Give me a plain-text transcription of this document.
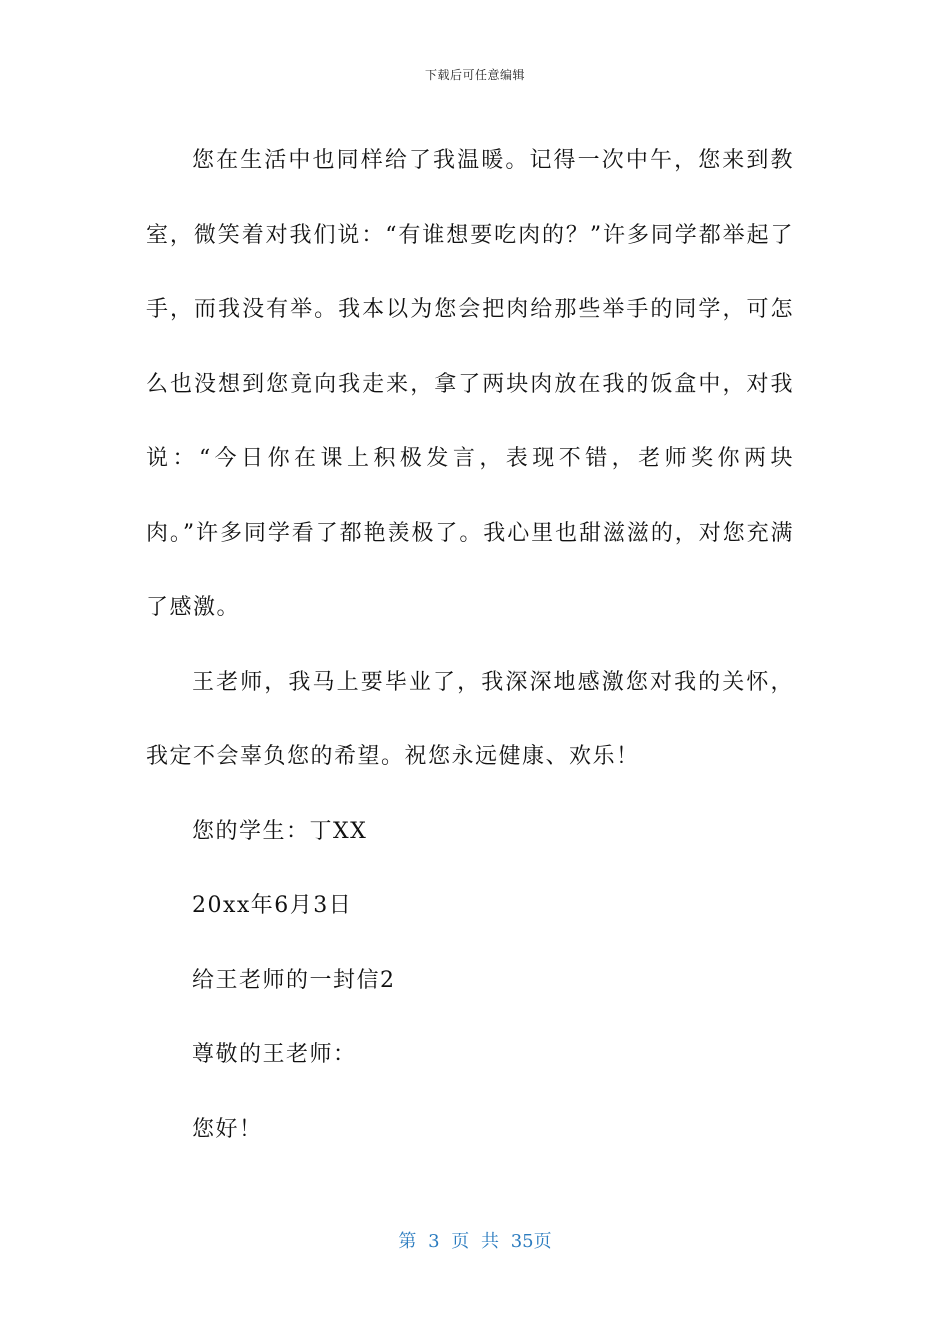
下载后可任意编辑

您在生活中也同样给了我温暖。记得一次中午，您来到教室，微笑着对我们说：“有谁想要吃肉的？”许多同学都举起了手，而我没有举。我本以为您会把肉给那些举手的同学，可怎么也没想到您竟向我走来，拿了两块肉放在我的饭盒中，对我说：“今日你在课上积极发言，表现不错，老师奖你两块肉。”许多同学看了都艳羡极了。我心里也甜滋滋的，对您充满了感激。

王老师，我马上要毕业了，我深深地感激您对我的关怀，我定不会辜负您的希望。祝您永远健康、欢乐！

您的学生：丁XX

20xx年6月3日

给王老师的一封信2

尊敬的王老师：

您好！

第 3 页 共 35页
